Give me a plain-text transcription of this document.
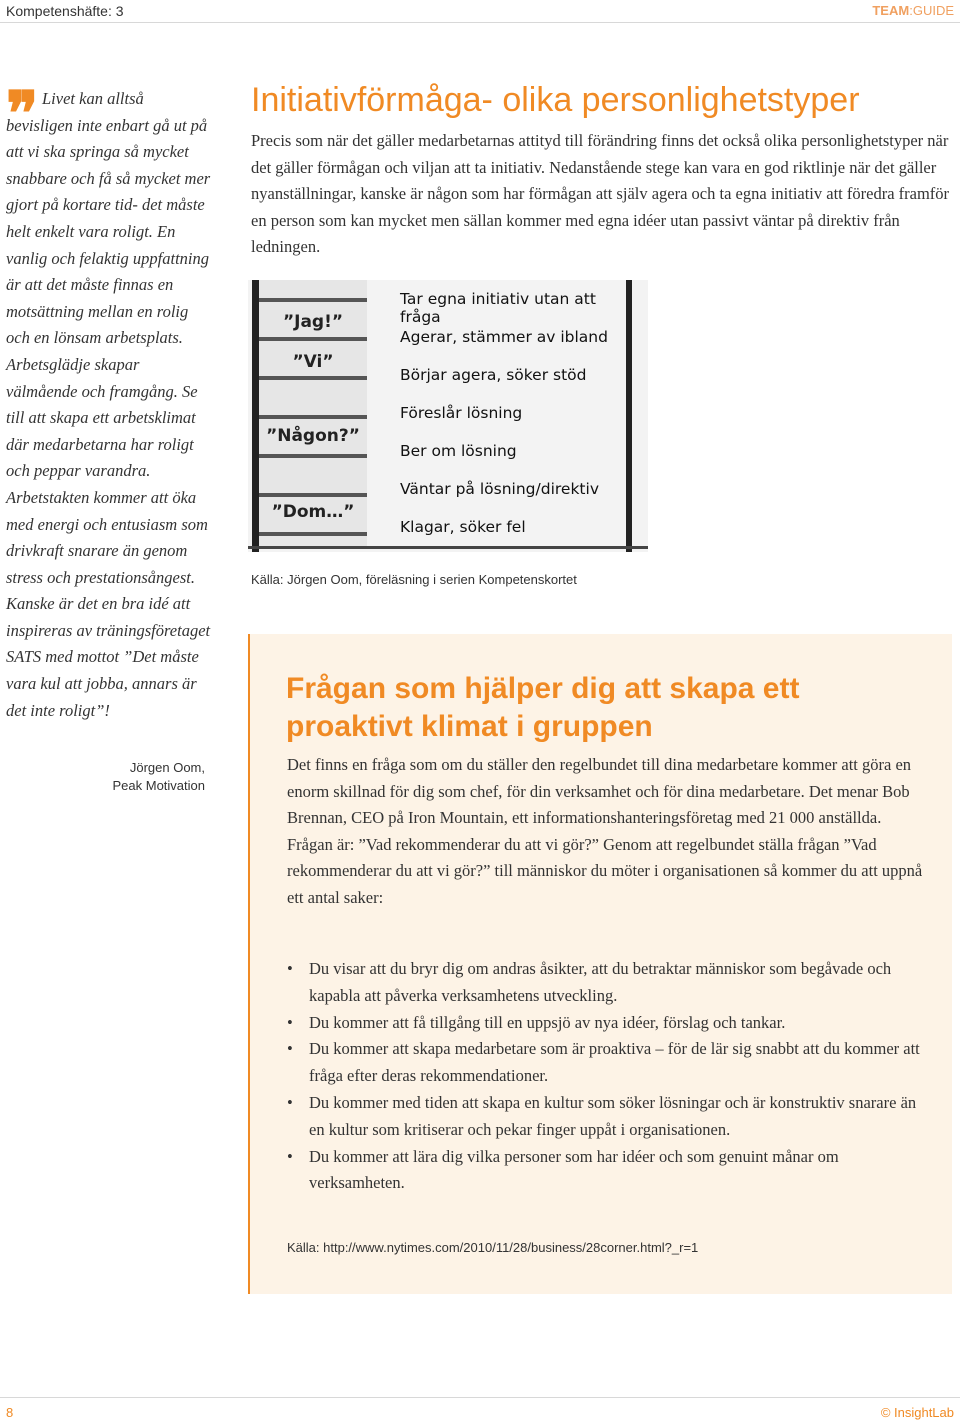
Kompetenshäfte: 3	TEAM:GUIDE
❞ Livet kan alltså bevisligen inte enbart gå ut på att vi ska springa så mycket snabbare och få så mycket mer gjort på kortare tid- det måste helt enkelt vara roligt. En vanlig och felaktig uppfattning är att det måste finnas en motsättning mellan en rolig och en lönsam arbetsplats. Arbetsglädje skapar välmående och framgång. Se till att skapa ett arbetsklimat där medarbetarna har roligt och peppar varandra. Arbetstakten kommer att öka med energi och entusiasm som drivkraft snarare än genom stress och prestationsångest. Kanske är det en bra idé att inspireras av träningsföretaget SATS med mottot ”Det måste vara kul att jobba, annars är det inte roligt”!

Jörgen Oom,
Peak Motivation
Initiativförmåga- olika personlighetstyper

Precis som när det gäller medarbetarnas attityd till förändring finns det också olika personlighetstyper när det gäller förmågan och viljan att ta initiativ. Nedanstående stege kan vara en god riktlinje när det gäller nyanställningar, kanske är någon som har förmågan att själv agera och ta egna initiativ att föredra framför en person som kan mycket men sällan kommer med egna idéer utan passivt väntar på direktiv från ledningen.

”Jag!”
”Vi”
”Någon?”
”Dom…”
Tar egna initiativ utan att fråga
Agerar, stämmer av ibland
Börjar agera, söker stöd
Föreslår lösning
Ber om lösning
Väntar på lösning/direktiv
Klagar, söker fel
Källa: Jörgen Oom, föreläsning i serien Kompetenskortet
Frågan som hjälper dig att skapa ett proaktivt klimat i gruppen

Det finns en fråga som om du ställer den regelbundet till dina medarbetare kommer att göra en enorm skillnad för dig som chef, för din verksamhet och för dina medarbetare. Det menar Bob Brennan, CEO på Iron Mountain, ett informationshanteringsföretag med 21 000 anställda. Frågan är: ”Vad rekommenderar du att vi gör?” Genom att regelbundet ställa frågan ”Vad rekommenderar du att vi gör?” till människor du möter i organisationen så kommer du att uppnå ett antal saker:

• Du visar att du bryr dig om andras åsikter, att du betraktar människor som begåvade och kapabla att påverka verksamhetens utveckling.
• Du kommer att få tillgång till en uppsjö av nya idéer, förslag och tankar.
• Du kommer att skapa medarbetare som är proaktiva – för de lär sig snabbt att du kommer att fråga efter deras rekommendationer.
• Du kommer med tiden att skapa en kultur som söker lösningar och är konstruktiv snarare än en kultur som kritiserar och pekar finger uppåt i organisationen.
• Du kommer att lära dig vilka personer som har idéer och som genuint månar om verksamheten.
Källa: http://www.nytimes.com/2010/11/28/business/28corner.html?_r=1
8	© InsightLab
